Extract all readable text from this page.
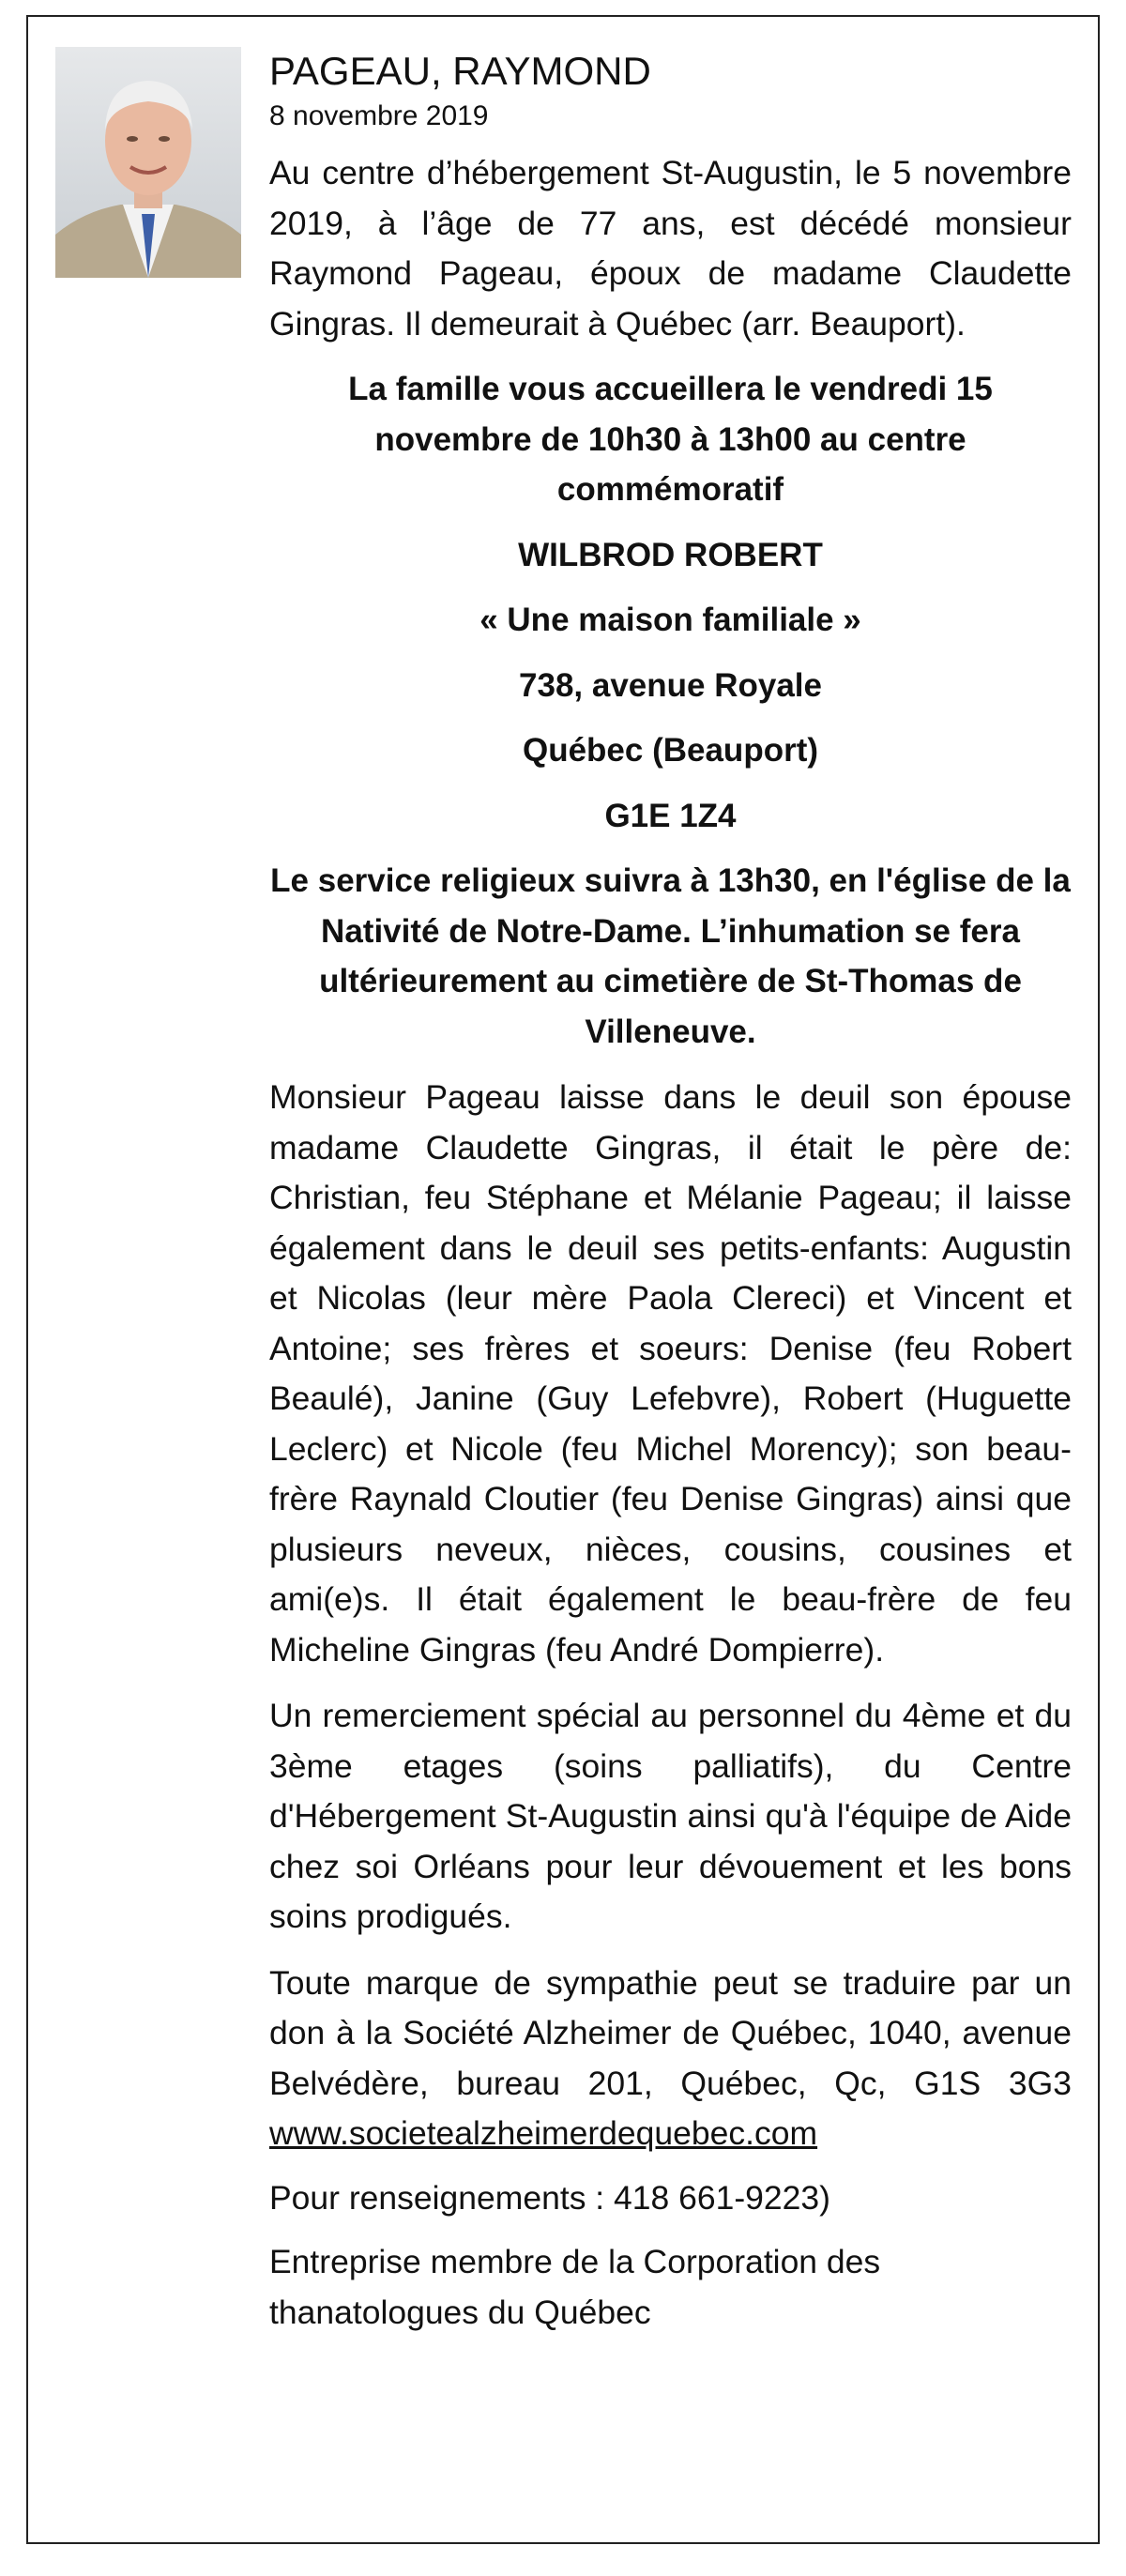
PAGEAU, RAYMOND

8 novembre 2019

Au centre d’hébergement St-Augustin, le 5 novembre 2019, à l’âge de 77 ans, est décédé monsieur Raymond Pageau, époux de madame Claudette Gingras. Il demeurait à Québec (arr. Beauport).

La famille vous accueillera le vendredi 15 novembre de 10h30 à 13h00 au centre commémoratif

WILBROD ROBERT

« Une maison familiale »

738, avenue Royale

Québec (Beauport)

G1E 1Z4

Le service religieux suivra à 13h30, en l'église de la Nativité de Notre-Dame. L’inhumation se fera ultérieurement au cimetière de St-Thomas de Villeneuve.

Monsieur Pageau laisse dans le deuil son épouse madame Claudette Gingras, il était le père de: Christian, feu Stéphane et Mélanie Pageau; il laisse également dans le deuil ses petits-enfants: Augustin et Nicolas (leur mère Paola Clereci) et Vincent et Antoine; ses frères et soeurs: Denise (feu Robert Beaulé), Janine (Guy Lefebvre), Robert (Huguette Leclerc) et Nicole (feu Michel Morency); son beau-frère Raynald Cloutier (feu Denise Gingras) ainsi que plusieurs neveux, nièces, cousins, cousines et ami(e)s. Il était également le beau-frère de feu Micheline Gingras (feu André Dompierre).

Un remerciement spécial au personnel du 4ème et du 3ème etages (soins palliatifs), du Centre d'Hébergement St-Augustin ainsi qu'à l'équipe de Aide chez soi Orléans pour leur dévouement et les bons soins prodigués.

Toute marque de sympathie peut se traduire par un don à la Société Alzheimer de Québec, 1040, avenue Belvédère, bureau 201, Québec, Qc, G1S 3G3 www.societealzheimerdequebec.com

Pour renseignements : 418 661-9223)

Entreprise membre de la Corporation des thanatologues du Québec
